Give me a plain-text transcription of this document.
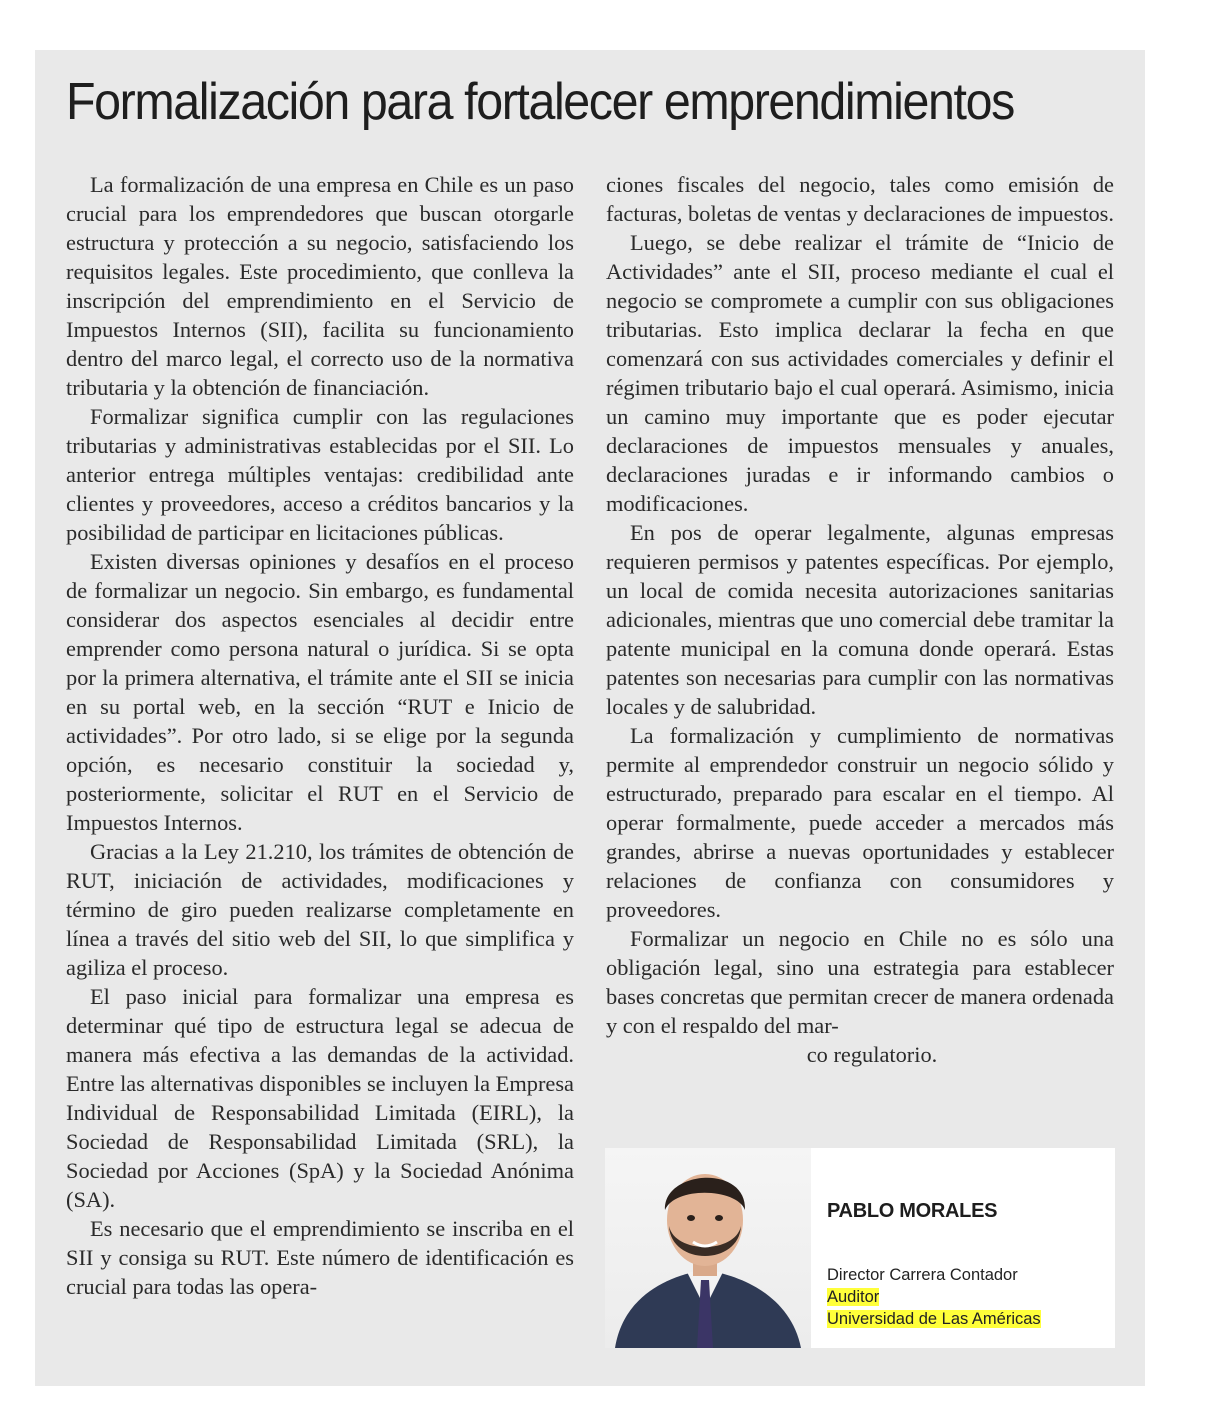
Formalización para fortalecer emprendimientos

La formalización de una empresa en Chile es un paso crucial para los emprendedores que buscan otorgarle estructura y protección a su negocio, satisfaciendo los requisitos legales. Este procedimiento, que conlleva la inscripción del emprendimiento en el Servicio de Impuestos Internos (SII), facilita su funcionamiento dentro del marco legal, el correcto uso de la normativa tributaria y la obtención de financiación.

Formalizar significa cumplir con las regulaciones tributarias y administrativas establecidas por el SII. Lo anterior entrega múltiples ventajas: credibilidad ante clientes y proveedores, acceso a créditos bancarios y la posibilidad de participar en licitaciones públicas.

Existen diversas opiniones y desafíos en el proceso de formalizar un negocio. Sin embargo, es fundamental considerar dos aspectos esenciales al decidir entre emprender como persona natural o jurídica. Si se opta por la primera alternativa, el trámite ante el SII se inicia en su portal web, en la sección “RUT e Inicio de actividades”. Por otro lado, si se elige por la segunda opción, es necesario constituir la sociedad y, posteriormente, solicitar el RUT en el Servicio de Impuestos Internos.

Gracias a la Ley 21.210, los trámites de obtención de RUT, iniciación de actividades, modificaciones y término de giro pueden realizarse completamente en línea a través del sitio web del SII, lo que simplifica y agiliza el proceso.

El paso inicial para formalizar una empresa es determinar qué tipo de estructura legal se adecua de manera más efectiva a las demandas de la actividad. Entre las alternativas disponibles se incluyen la Empresa Individual de Responsabilidad Limitada (EIRL), la Sociedad de Responsabilidad Limitada (SRL), la Sociedad por Acciones (SpA) y la Sociedad Anónima (SA).

Es necesario que el emprendimiento se inscriba en el SII y consiga su RUT. Este número de identificación es crucial para todas las opera-

ciones fiscales del negocio, tales como emisión de facturas, boletas de ventas y declaraciones de impuestos.

Luego, se debe realizar el trámite de “Inicio de Actividades” ante el SII, proceso mediante el cual el negocio se compromete a cumplir con sus obligaciones tributarias. Esto implica declarar la fecha en que comenzará con sus actividades comerciales y definir el régimen tributario bajo el cual operará. Asimismo, inicia un camino muy importante que es poder ejecutar declaraciones de impuestos mensuales y anuales, declaraciones juradas e ir informando cambios o modificaciones.

En pos de operar legalmente, algunas empresas requieren permisos y patentes específicas. Por ejemplo, un local de comida necesita autorizaciones sanitarias adicionales, mientras que uno comercial debe tramitar la patente municipal en la comuna donde operará. Estas patentes son necesarias para cumplir con las normativas locales y de salubridad.

La formalización y cumplimiento de normativas permite al emprendedor construir un negocio sólido y estructurado, preparado para escalar en el tiempo. Al operar formalmente, puede acceder a mercados más grandes, abrirse a nuevas oportunidades y establecer relaciones de confianza con consumidores y proveedores.

Formalizar un negocio en Chile no es sólo una obligación legal, sino una estrategia para establecer bases concretas que permitan crecer de manera ordenada y con el respaldo del mar-
co regulatorio.

PABLO MORALES

Director Carrera Contador
Auditor
Universidad de Las Américas
